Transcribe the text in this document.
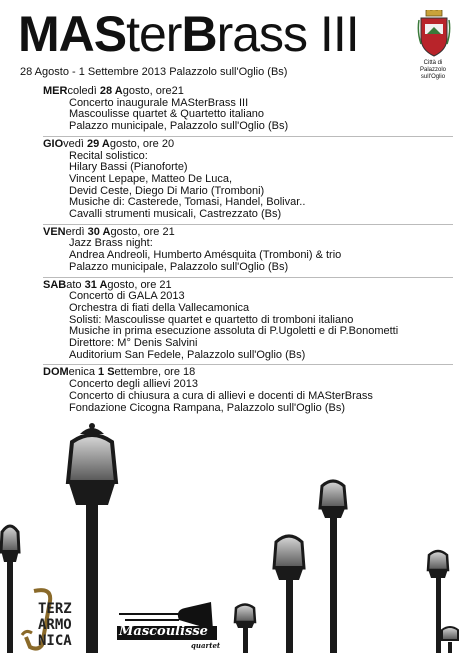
MASterBrass III
28 Agosto - 1 Settembre 2013 Palazzolo sull'Oglio (Bs)
Città di
Palazzolo sull'Oglio
MERcoledì 28 Agosto, ore21
Concerto inaugurale MASterBrass III
Mascoulisse quartet & Quartetto italiano
Palazzo municipale, Palazzolo sull'Oglio (Bs)
GIOvedì 29 Agosto, ore 20
Recital solistico:
Hilary Bassi (Pianoforte)
Vincent Lepape, Matteo De Luca,
Devid Ceste, Diego Di Mario (Tromboni)
Musiche di: Casterede, Tomasi, Handel, Bolivar..
Cavalli strumenti musicali, Castrezzato (Bs)
VENerdì 30 Agosto, ore 21
Jazz Brass night:
Andrea Andreoli, Humberto Amésquita (Tromboni) & trio
Palazzo municipale, Palazzolo sull'Oglio (Bs)
SABato 31 Agosto, ore 21
Concerto di GALA 2013
Orchestra di fiati della Vallecamonica
Solisti: Mascoulisse quartet e quartetto di tromboni italiano
Musiche in prima esecuzione assoluta di P.Ugoletti e di P.Bonometti
Direttore: M° Denis Salvini
Auditorium San Fedele, Palazzolo sull'Oglio (Bs)
DOMenica 1 Settembre, ore 18
Concerto degli allievi 2013
Concerto di chiusura a cura di allievi e docenti di MASterBrass
Fondazione Cicogna Rampana, Palazzolo sull'Oglio (Bs)
TERZ
ARMO
NICA
Mascoulisse
quartet
